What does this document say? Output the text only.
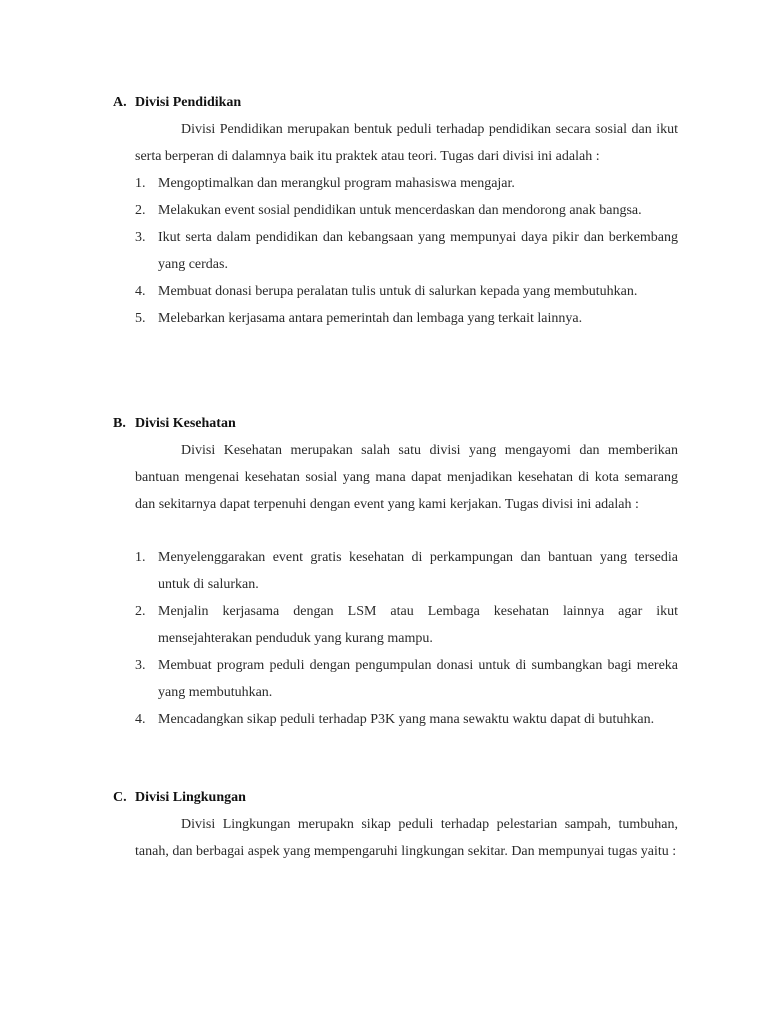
A. Divisi Pendidikan

Divisi Pendidikan merupakan bentuk peduli terhadap pendidikan secara sosial dan ikut serta berperan di dalamnya baik itu praktek atau teori. Tugas dari divisi ini adalah :

1. Mengoptimalkan dan merangkul program mahasiswa mengajar.
2. Melakukan event sosial pendidikan untuk mencerdaskan dan mendorong anak bangsa.
3. Ikut serta dalam pendidikan dan kebangsaan yang mempunyai daya pikir dan berkembang yang cerdas.
4. Membuat donasi berupa peralatan tulis untuk di salurkan kepada yang membutuhkan.
5. Melebarkan kerjasama antara pemerintah dan lembaga yang terkait lainnya.
B. Divisi Kesehatan

Divisi Kesehatan merupakan salah satu divisi yang mengayomi dan memberikan bantuan mengenai kesehatan sosial yang mana dapat menjadikan kesehatan di kota semarang dan sekitarnya dapat terpenuhi dengan event yang kami kerjakan. Tugas divisi ini adalah :

1. Menyelenggarakan event gratis kesehatan di perkampungan dan bantuan yang tersedia untuk di salurkan.
2. Menjalin kerjasama dengan LSM atau Lembaga kesehatan lainnya agar ikut mensejahterakan penduduk yang kurang mampu.
3. Membuat program peduli dengan pengumpulan donasi untuk di sumbangkan bagi mereka yang membutuhkan.
4. Mencadangkan sikap peduli terhadap P3K yang mana sewaktu waktu dapat di butuhkan.
C. Divisi Lingkungan

Divisi Lingkungan merupakn sikap peduli terhadap pelestarian sampah, tumbuhan, tanah, dan berbagai aspek yang mempengaruhi lingkungan sekitar. Dan mempunyai tugas yaitu :
